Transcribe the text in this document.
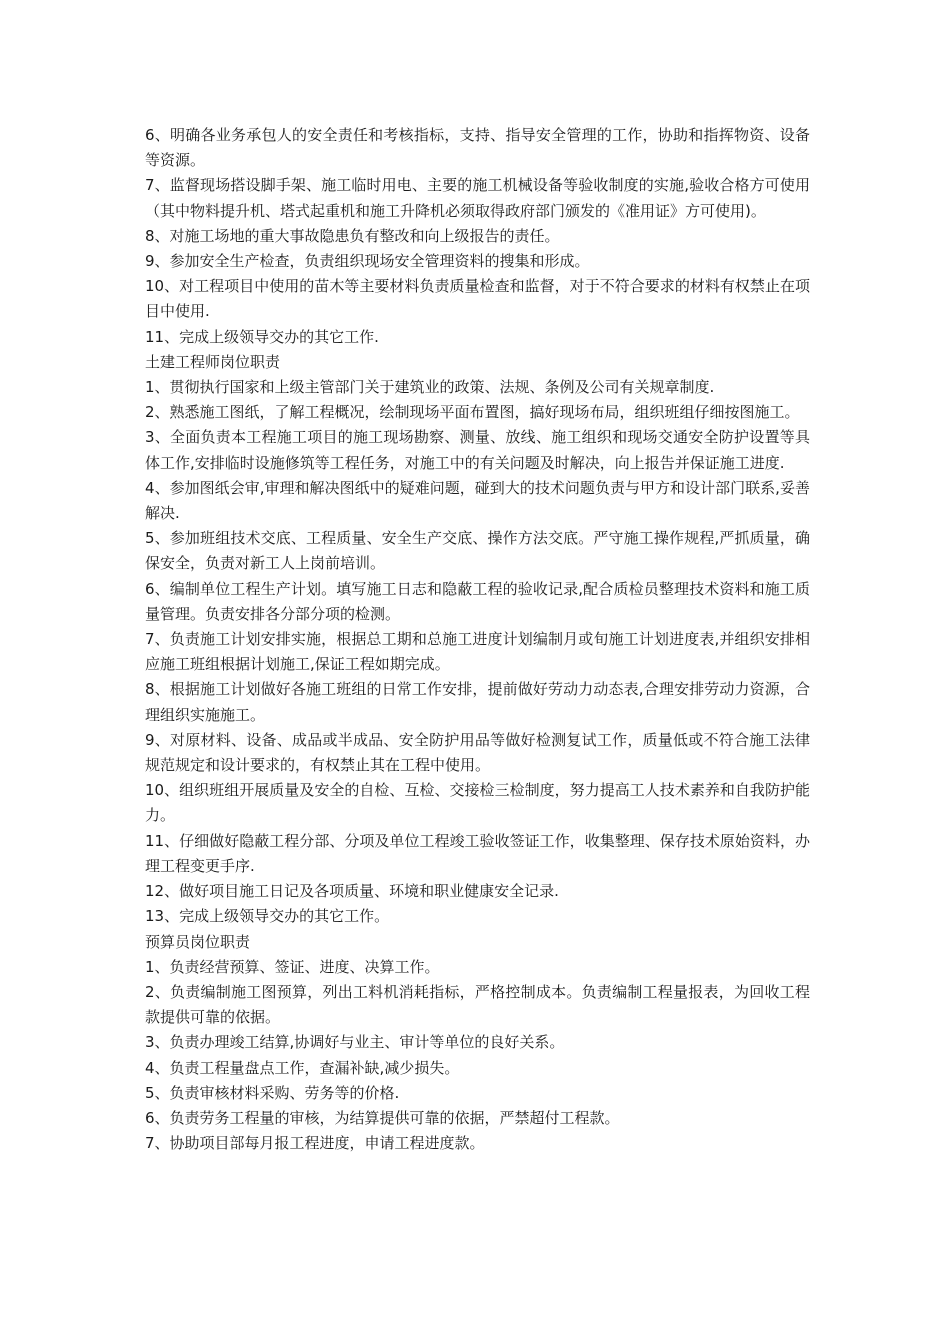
6、明确各业务承包人的安全责任和考核指标，支持、指导安全管理的工作，协助和指挥物资、设备等资源。

7、监督现场搭设脚手架、施工临时用电、主要的施工机械设备等验收制度的实施,验收合格方可使用（其中物料提升机、塔式起重机和施工升降机必须取得政府部门颁发的《准用证》方可使用)。

8、对施工场地的重大事故隐患负有整改和向上级报告的责任。

9、参加安全生产检查，负责组织现场安全管理资料的搜集和形成。

10、对工程项目中使用的苗木等主要材料负责质量检查和监督，对于不符合要求的材料有权禁止在项目中使用.

11、完成上级领导交办的其它工作.

土建工程师岗位职责

1、贯彻执行国家和上级主管部门关于建筑业的政策、法规、条例及公司有关规章制度.

2、熟悉施工图纸，了解工程概况，绘制现场平面布置图，搞好现场布局，组织班组仔细按图施工。

3、全面负责本工程施工项目的施工现场勘察、测量、放线、施工组织和现场交通安全防护设置等具体工作,安排临时设施修筑等工程任务，对施工中的有关问题及时解决，向上报告并保证施工进度.

4、参加图纸会审,审理和解决图纸中的疑难问题，碰到大的技术问题负责与甲方和设计部门联系,妥善解决.

5、参加班组技术交底、工程质量、安全生产交底、操作方法交底。严守施工操作规程,严抓质量，确保安全，负责对新工人上岗前培训。

6、编制单位工程生产计划。填写施工日志和隐蔽工程的验收记录,配合质检员整理技术资料和施工质量管理。负责安排各分部分项的检测。

7、负责施工计划安排实施，根据总工期和总施工进度计划编制月或旬施工计划进度表,并组织安排相应施工班组根据计划施工,保证工程如期完成。

8、根据施工计划做好各施工班组的日常工作安排，提前做好劳动力动态表,合理安排劳动力资源，合理组织实施施工。

9、对原材料、设备、成品或半成品、安全防护用品等做好检测复试工作，质量低或不符合施工法律规范规定和设计要求的，有权禁止其在工程中使用。

10、组织班组开展质量及安全的自检、互检、交接检三检制度，努力提高工人技术素养和自我防护能力。

11、仔细做好隐蔽工程分部、分项及单位工程竣工验收签证工作，收集整理、保存技术原始资料，办理工程变更手序.

12、做好项目施工日记及各项质量、环境和职业健康安全记录.

13、完成上级领导交办的其它工作。

预算员岗位职责

1、负责经营预算、签证、进度、决算工作。

2、负责编制施工图预算，列出工料机消耗指标，严格控制成本。负责编制工程量报表，为回收工程款提供可靠的依据。

3、负责办理竣工结算,协调好与业主、审计等单位的良好关系。

4、负责工程量盘点工作，查漏补缺,减少损失。

5、负责审核材料采购、劳务等的价格.

6、负责劳务工程量的审核，为结算提供可靠的依据，严禁超付工程款。

7、协助项目部每月报工程进度，申请工程进度款。
